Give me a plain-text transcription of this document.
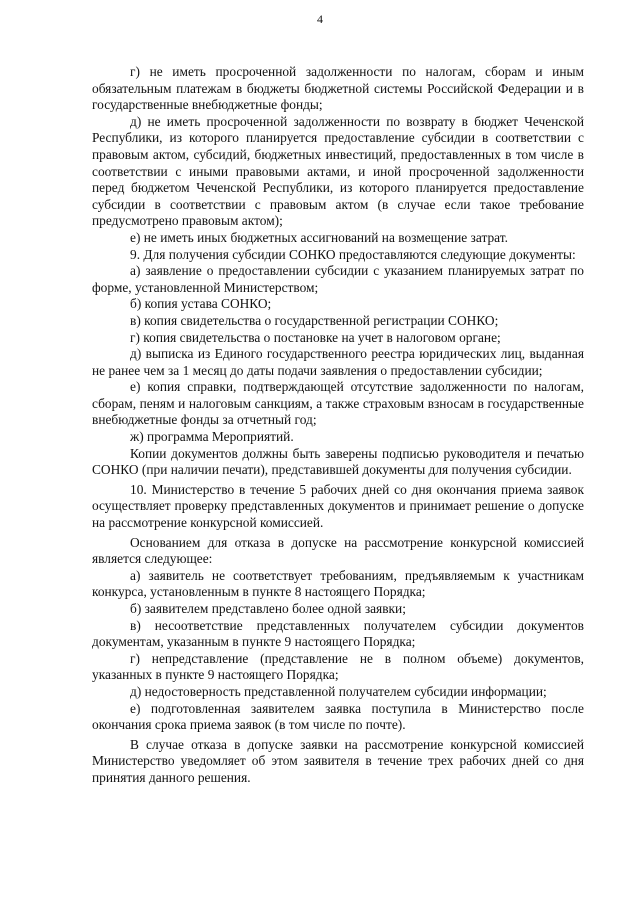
4

г) не иметь просроченной задолженности по налогам, сборам и иным обязательным платежам в бюджеты бюджетной системы Российской Федерации и в государственные внебюджетные фонды;

д) не иметь просроченной задолженности по возврату в бюджет Чеченской Республики, из которого планируется предоставление субсидии в соответствии с правовым актом, субсидий, бюджетных инвестиций, предоставленных в том числе в соответствии с иными правовыми актами, и иной просроченной задолженности перед бюджетом Чеченской Республики, из которого планируется предоставление субсидии в соответствии с правовым актом (в случае если такое требование предусмотрено правовым актом);

е) не иметь иных бюджетных ассигнований на возмещение затрат.

9. Для получения субсидии СОНКО предоставляются следующие документы:

а) заявление о предоставлении субсидии с указанием планируемых затрат по форме, установленной Министерством;

б) копия устава СОНКО;

в) копия свидетельства о государственной регистрации СОНКО;

г) копия свидетельства о постановке на учет в налоговом органе;

д) выписка из Единого государственного реестра юридических лиц, выданная не ранее чем за 1 месяц до даты подачи заявления о предоставлении субсидии;

е) копия справки, подтверждающей отсутствие задолженности по налогам, сборам, пеням и налоговым санкциям, а также страховым взносам в государственные внебюджетные фонды за отчетный год;

ж) программа Мероприятий.

Копии документов должны быть заверены подписью руководителя и печатью СОНКО (при наличии печати), представившей документы для получения субсидии.

10. Министерство в течение 5 рабочих дней со дня окончания приема заявок осуществляет проверку представленных документов и принимает решение о допуске на рассмотрение конкурсной комиссией.

Основанием для отказа в допуске на рассмотрение конкурсной комиссией является следующее:

а) заявитель не соответствует требованиям, предъявляемым к участникам конкурса, установленным в пункте 8 настоящего Порядка;

б) заявителем представлено более одной заявки;

в) несоответствие представленных получателем субсидии документов документам, указанным в пункте 9 настоящего Порядка;

г) непредставление (представление не в полном объеме) документов, указанных в пункте 9 настоящего Порядка;

д) недостоверность представленной получателем субсидии информации;

е) подготовленная заявителем заявка поступила в Министерство после окончания срока приема заявок (в том числе по почте).

В случае отказа в допуске заявки на рассмотрение конкурсной комиссией Министерство уведомляет об этом заявителя в течение трех рабочих дней со дня принятия данного решения.
